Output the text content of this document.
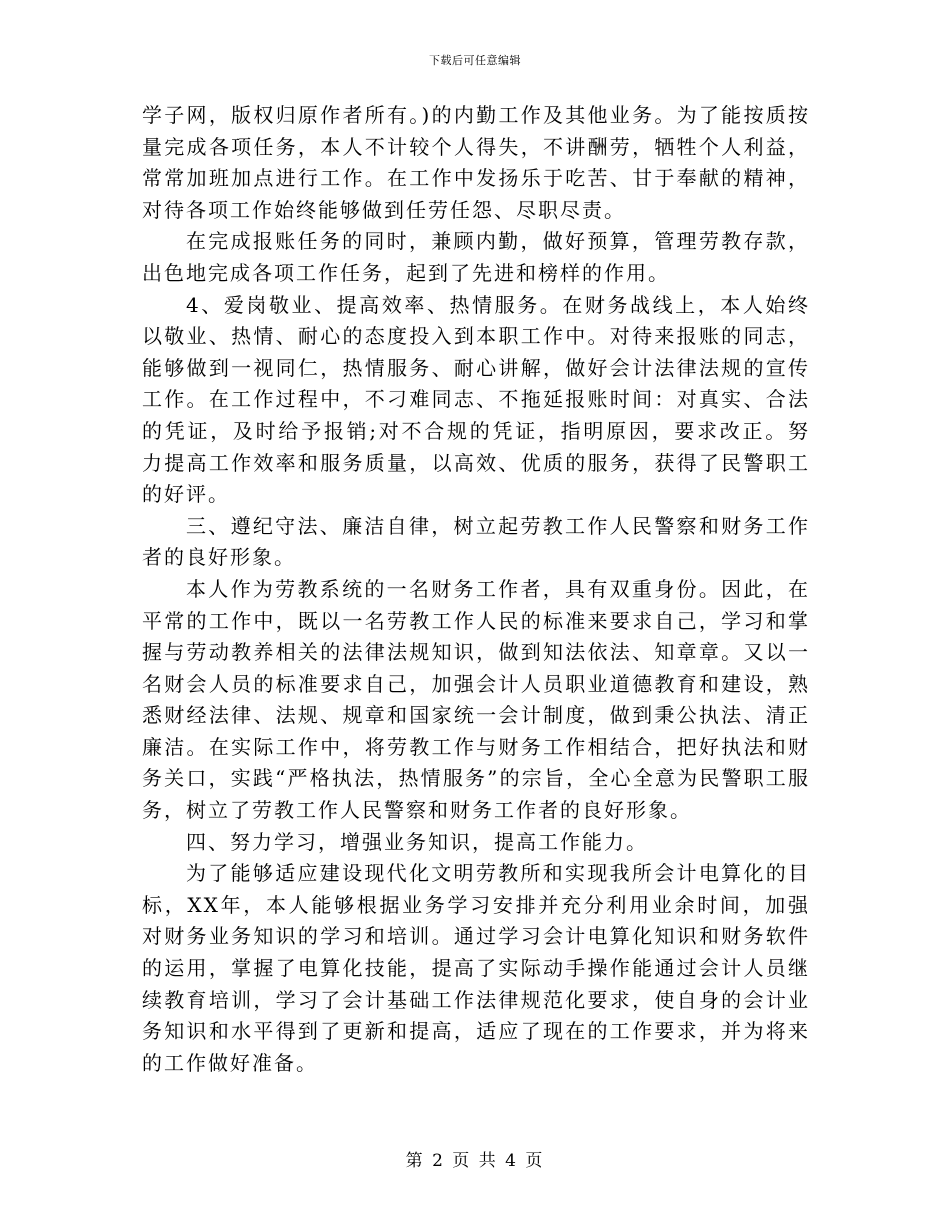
下载后可任意编辑

学子网，版权归原作者所有。)的内勤工作及其他业务。为了能按质按量完成各项任务，本人不计较个人得失，不讲酬劳，牺牲个人利益，常常加班加点进行工作。在工作中发扬乐于吃苦、甘于奉献的精神，对待各项工作始终能够做到任劳任怨、尽职尽责。

在完成报账任务的同时，兼顾内勤，做好预算，管理劳教存款，出色地完成各项工作任务，起到了先进和榜样的作用。

4、爱岗敬业、提高效率、热情服务。在财务战线上，本人始终以敬业、热情、耐心的态度投入到本职工作中。对待来报账的同志，能够做到一视同仁，热情服务、耐心讲解，做好会计法律法规的宣传工作。在工作过程中，不刁难同志、不拖延报账时间：对真实、合法的凭证，及时给予报销;对不合规的凭证，指明原因，要求改正。努力提高工作效率和服务质量，以高效、优质的服务，获得了民警职工的好评。

三、遵纪守法、廉洁自律，树立起劳教工作人民警察和财务工作者的良好形象。

本人作为劳教系统的一名财务工作者，具有双重身份。因此，在平常的工作中，既以一名劳教工作人民的标准来要求自己，学习和掌握与劳动教养相关的法律法规知识，做到知法依法、知章章。又以一名财会人员的标准要求自己，加强会计人员职业道德教育和建设，熟悉财经法律、法规、规章和国家统一会计制度，做到秉公执法、清正廉洁。在实际工作中，将劳教工作与财务工作相结合，把好执法和财务关口，实践“严格执法，热情服务”的宗旨，全心全意为民警职工服务，树立了劳教工作人民警察和财务工作者的良好形象。

四、努力学习，增强业务知识，提高工作能力。

为了能够适应建设现代化文明劳教所和实现我所会计电算化的目标，XX年，本人能够根据业务学习安排并充分利用业余时间，加强对财务业务知识的学习和培训。通过学习会计电算化知识和财务软件的运用，掌握了电算化技能，提高了实际动手操作能通过会计人员继续教育培训，学习了会计基础工作法律规范化要求，使自身的会计业务知识和水平得到了更新和提高，适应了现在的工作要求，并为将来的工作做好准备。

第 2 页 共 4 页
